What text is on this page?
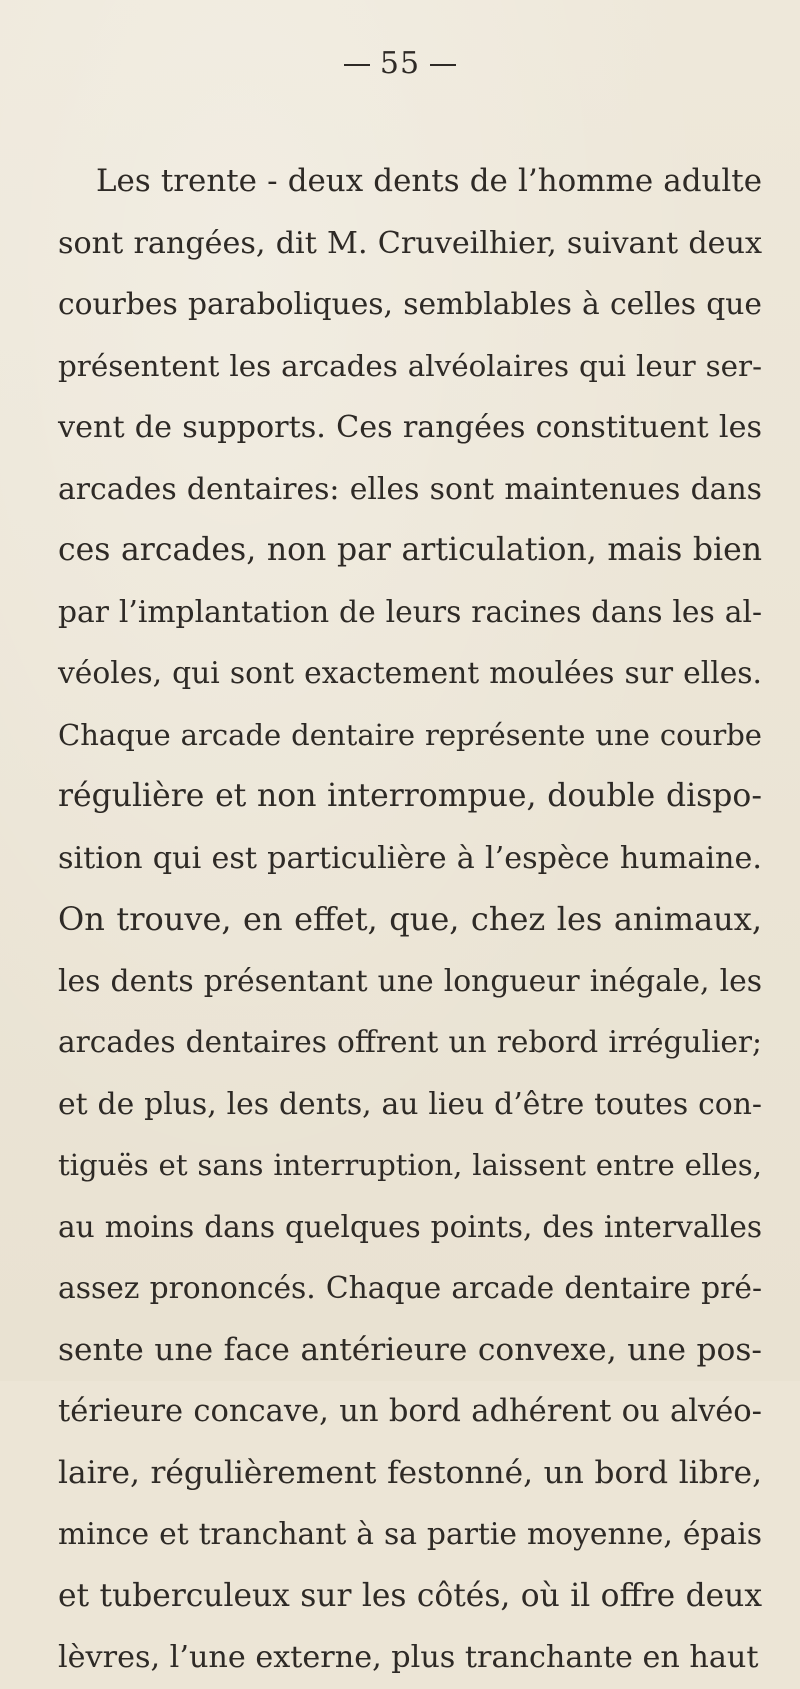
55
Les trente - deux dents de l’homme adulte
sont rangées, dit M. Cruveilhier, suivant deux
courbes paraboliques, semblables à celles que
présentent les arcades alvéolaires qui leur ser-
vent de supports. Ces rangées constituent les
arcades dentaires: elles sont maintenues dans
ces arcades, non par articulation, mais bien
par l’implantation de leurs racines dans les al-
véoles, qui sont exactement moulées sur elles.
Chaque arcade dentaire représente une courbe
régulière et non interrompue, double dispo-
sition qui est particulière à l’espèce humaine.
On trouve, en effet, que, chez les animaux,
les dents présentant une longueur inégale, les
arcades dentaires offrent un rebord irrégulier;
et de plus, les dents, au lieu d’être toutes con-
tiguës et sans interruption, laissent entre elles,
au moins dans quelques points, des intervalles
assez prononcés. Chaque arcade dentaire pré-
sente une face antérieure convexe, une pos-
térieure concave, un bord adhérent ou alvéo-
laire, régulièrement festonné, un bord libre,
mince et tranchant à sa partie moyenne, épais
et tuberculeux sur les côtés, où il offre deux
lèvres, l’une externe, plus tranchante en haut
